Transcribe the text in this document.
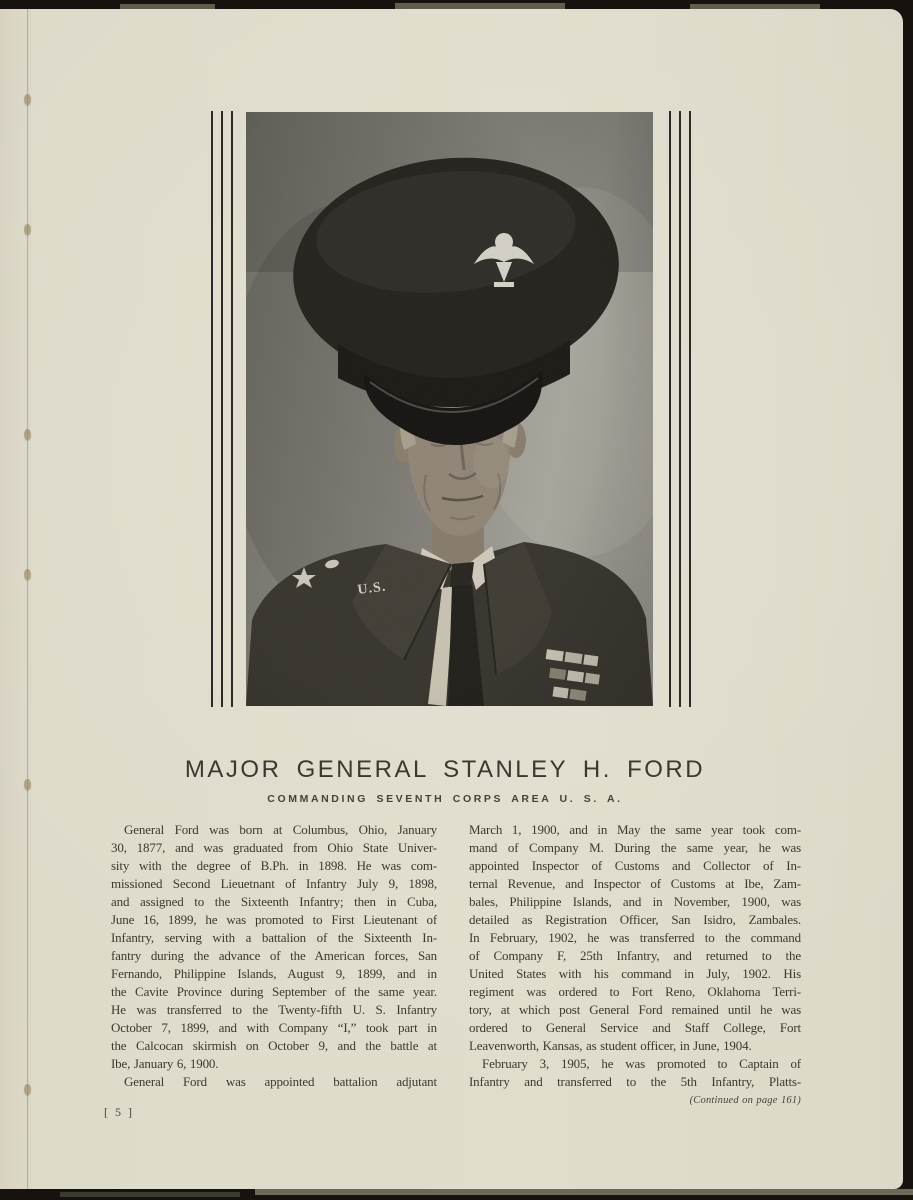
MAJOR GENERAL STANLEY H. FORD
COMMANDING SEVENTH CORPS AREA U. S. A.
General Ford was born at Columbus, Ohio, January
30, 1877, and was graduated from Ohio State Univer-
sity with the degree of B.Ph. in 1898. He was com-
missioned Second Lieuetnant of Infantry July 9, 1898,
and assigned to the Sixteenth Infantry; then in Cuba,
June 16, 1899, he was promoted to First Lieutenant of
Infantry, serving with a battalion of the Sixteenth In-
fantry during the advance of the American forces, San
Fernando, Philippine Islands, August 9, 1899, and in
the Cavite Province during September of the same year.
He was transferred to the Twenty-fifth U. S. Infantry
October 7, 1899, and with Company “I,” took part in
the Calcocan skirmish on October 9, and the battle at
Ibe, January 6, 1900.
General Ford was appointed battalion adjutant
March 1, 1900, and in May the same year took com-
mand of Company M. During the same year, he was
appointed Inspector of Customs and Collector of In-
ternal Revenue, and Inspector of Customs at Ibe, Zam-
bales, Philippine Islands, and in November, 1900, was
detailed as Registration Officer, San Isidro, Zambales.
In February, 1902, he was transferred to the command
of Company F, 25th Infantry, and returned to the
United States with his command in July, 1902. His
regiment was ordered to Fort Reno, Oklahoma Terri-
tory, at which post General Ford remained until he was
ordered to General Service and Staff College, Fort
Leavenworth, Kansas, as student officer, in June, 1904.
February 3, 1905, he was promoted to Captain of
Infantry and transferred to the 5th Infantry, Platts-
(Continued on page 161)
[ 5 ]
